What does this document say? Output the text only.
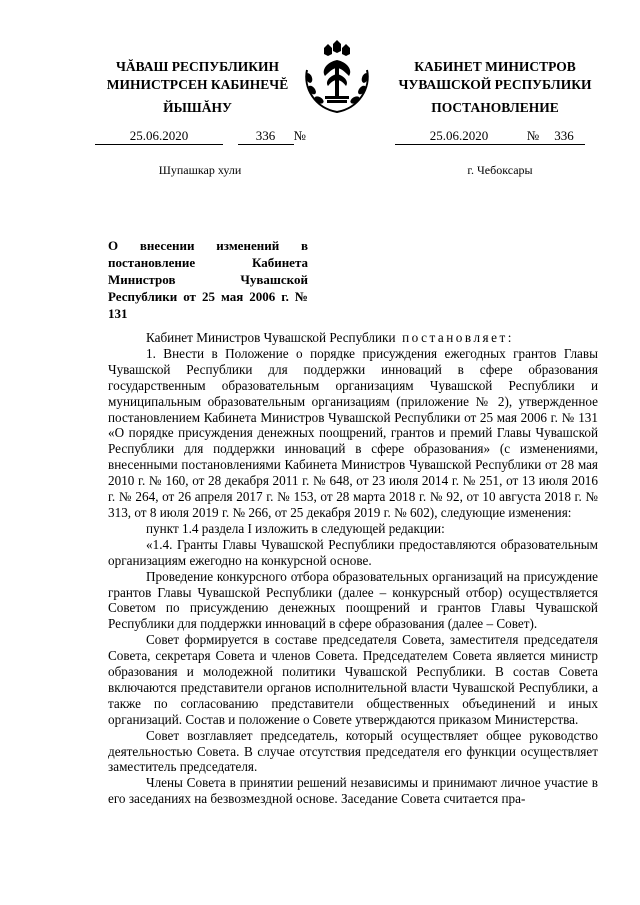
ЧĂВАШ РЕСПУБЛИКИН
МИНИСТРСЕН КАБИНЕЧĔ
ЙЫШĂНУ
КАБИНЕТ МИНИСТРОВ
ЧУВАШСКОЙ РЕСПУБЛИКИ
ПОСТАНОВЛЕНИЕ
25.06.2020	336 №	25.06.2020	№ 336
Шупашкар хули	г. Чебоксары
О внесении изменений в постановление Кабинета Министров Чувашской Республики от 25 мая 2006 г. № 131

Кабинет Министров Чувашской Республики постановляет:

1. Внести в Положение о порядке присуждения ежегодных грантов Главы Чувашской Республики для поддержки инноваций в сфере образования государственным образовательным организациям Чувашской Республики и муниципальным образовательным организациям (приложение № 2), утвержденное постановлением Кабинета Министров Чувашской Республики от 25 мая 2006 г. № 131 «О порядке присуждения денежных поощрений, грантов и премий Главы Чувашской Республики для поддержки инноваций в сфере образования» (с изменениями, внесенными постановлениями Кабинета Министров Чувашской Республики от 28 мая 2010 г. № 160, от 28 декабря 2011 г. № 648, от 23 июля 2014 г. № 251, от 13 июля 2016 г. № 264, от 26 апреля 2017 г. № 153, от 28 марта 2018 г. № 92, от 10 августа 2018 г. № 313, от 8 июля 2019 г. № 266, от 25 декабря 2019 г. № 602), следующие изменения:

пункт 1.4 раздела I изложить в следующей редакции:

«1.4. Гранты Главы Чувашской Республики предоставляются образовательным организациям ежегодно на конкурсной основе.

Проведение конкурсного отбора образовательных организаций на присуждение грантов Главы Чувашской Республики (далее – конкурсный отбор) осуществляется Советом по присуждению денежных поощрений и грантов Главы Чувашской Республики для поддержки инноваций в сфере образования (далее – Совет).

Совет формируется в составе председателя Совета, заместителя председателя Совета, секретаря Совета и членов Совета. Председателем Совета является министр образования и молодежной политики Чувашской Республики. В состав Совета включаются представители органов исполнительной власти Чувашской Республики, а также по согласованию представители общественных объединений и иных организаций. Состав и положение о Совете утверждаются приказом Министерства.

Совет возглавляет председатель, который осуществляет общее руководство деятельностью Совета. В случае отсутствия председателя его функции осуществляет заместитель председателя.

Члены Совета в принятии решений независимы и принимают личное участие в его заседаниях на безвозмездной основе. Заседание Совета считается пра-
